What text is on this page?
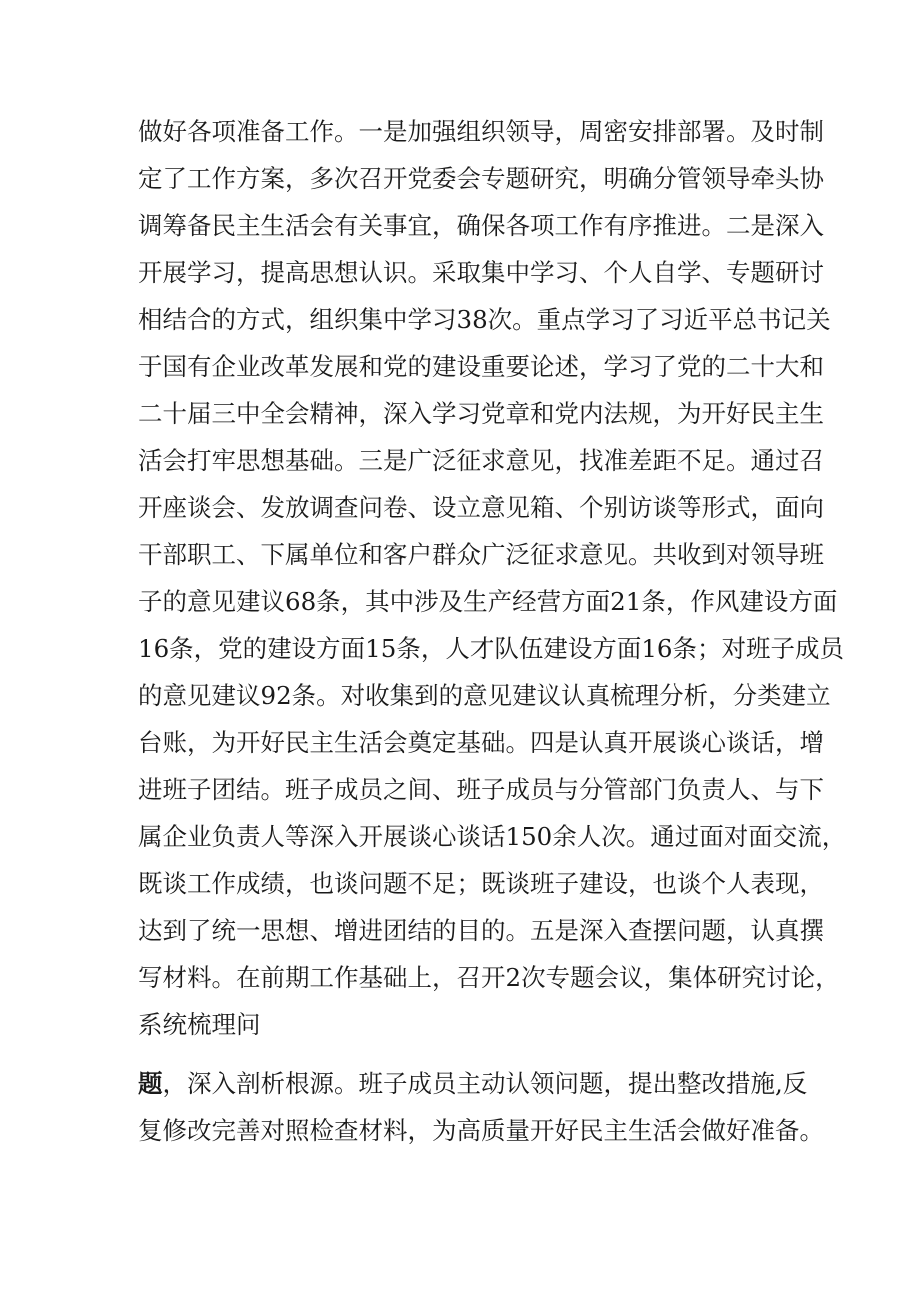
做好各项准备工作。一是加强组织领导，周密安排部署。及时制
定了工作方案，多次召开党委会专题研究，明确分管领导牵头协
调筹备民主生活会有关事宜，确保各项工作有序推进。二是深入
开展学习，提高思想认识。采取集中学习、个人自学、专题研讨
相结合的方式，组织集中学习38次。重点学习了习近平总书记关
于国有企业改革发展和党的建设重要论述，学习了党的二十大和
二十届三中全会精神，深入学习党章和党内法规，为开好民主生
活会打牢思想基础。三是广泛征求意见，找准差距不足。通过召
开座谈会、发放调查问卷、设立意见箱、个别访谈等形式，面向
干部职工、下属单位和客户群众广泛征求意见。共收到对领导班
子的意见建议68条，其中涉及生产经营方面21条，作风建设方面
16条，党的建设方面15条，人才队伍建设方面16条；对班子成员
的意见建议92条。对收集到的意见建议认真梳理分析，分类建立
台账，为开好民主生活会奠定基础。四是认真开展谈心谈话，增
进班子团结。班子成员之间、班子成员与分管部门负责人、与下
属企业负责人等深入开展谈心谈话150余人次。通过面对面交流，
既谈工作成绩，也谈问题不足；既谈班子建设，也谈个人表现，
达到了统一思想、增进团结的目的。五是深入查摆问题，认真撰
写材料。在前期工作基础上，召开2次专题会议，集体研究讨论，
系统梳理问
题，深入剖析根源。班子成员主动认领问题，提出整改措施,反
复修改完善对照检查材料，为高质量开好民主生活会做好准备。
